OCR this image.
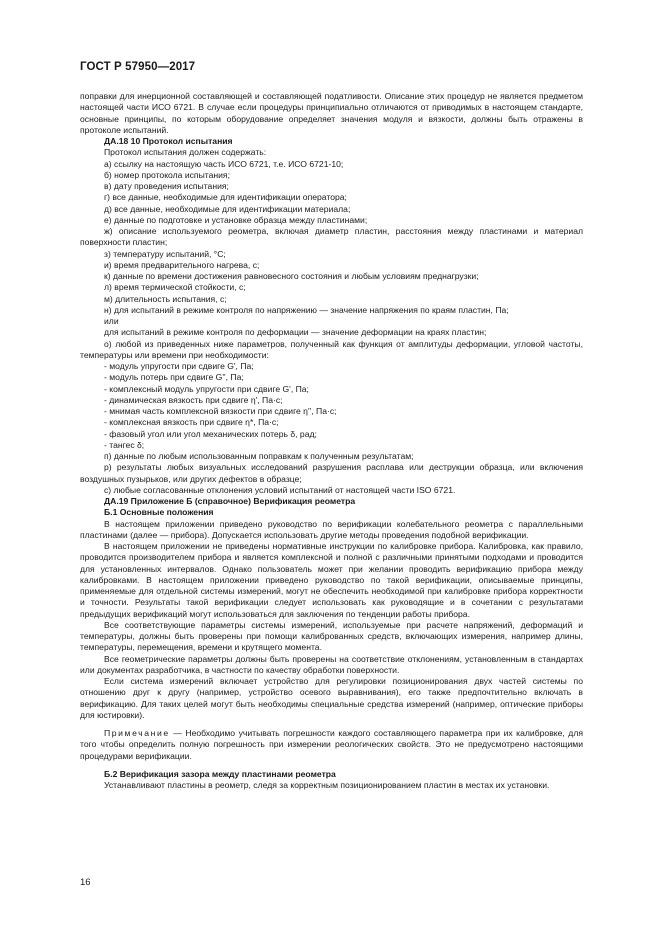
ГОСТ Р 57950—2017

поправки для инерционной составляющей и составляющей податливости. Описание этих процедур не является предметом настоящей части ИСО 6721. В случае если процедуры принципиально отличаются от приводимых в настоящем стандарте, основные принципы, по которым оборудование определяет значения модуля и вязкости, должны быть отражены в протоколе испытаний.

ДА.18 10 Протокол испытания

Протокол испытания должен содержать:

а) ссылку на настоящую часть ИСО 6721, т.е. ИСО 6721-10;

б) номер протокола испытания;

в) дату проведения испытания;

г) все данные, необходимые для идентификации оператора;

д) все данные, необходимые для идентификации материала;

е) данные по подготовке и установке образца между пластинами;

ж) описание используемого реометра, включая диаметр пластин, расстояния между пластинами и материал поверхности пластин;

з) температуру испытаний, °С;

и) время предварительного нагрева, с;

к) данные по времени достижения равновесного состояния и любым условиям преднагрузки;

л) время термической стойкости, с;

м) длительность испытания, с;

н) для испытаний в режиме контроля по напряжению — значение напряжения по краям пластин, Па;

или

для испытаний в режиме контроля по деформации — значение деформации на краях пластин;

о) любой из приведенных ниже параметров, полученный как функция от амплитуды деформации, угловой частоты, температуры или времени при необходимости:

- модуль упругости при сдвиге G', Па;

- модуль потерь при сдвиге G'', Па;

- комплексный модуль упругости при сдвиге G', Па;

- динамическая вязкость при сдвиге η', Па·с;

- мнимая часть комплексной вязкости при сдвиге η'', Па·с;

- комплексная вязкость при сдвиге η*, Па·с;

- фазовый угол или угол механических потерь δ, рад;

- тангес δ;

п) данные по любым использованным поправкам к полученным результатам;

р) результаты любых визуальных исследований разрушения расплава или деструкции образца, или включения воздушных пузырьков, или других дефектов в образце;

с) любые согласованные отклонения условий испытаний от настоящей части ISO 6721.

ДА.19 Приложение Б (справочное) Верификация реометра

Б.1 Основные положения

В настоящем приложении приведено руководство по верификации колебательного реометра с параллельными пластинами (далее — прибора). Допускается использовать другие методы проведения подобной верификации.

В настоящем приложении не приведены нормативные инструкции по калибровке прибора. Калибровка, как правило, проводится производителем прибора и является комплексной и полной с различными принятыми подходами и проводится для установленных интервалов. Однако пользователь может при желании проводить верификацию прибора между калибровками. В настоящем приложении приведено руководство по такой верификации, описываемые принципы, применяемые для отдельной системы измерений, могут не обеспечить необходимой при калибровке прибора корректности и точности. Результаты такой верификации следует использовать как руководящие и в сочетании с результатами предыдущих верификаций могут использоваться для заключения по тенденции работы прибора.

Все соответствующие параметры системы измерений, используемые при расчете напряжений, деформаций и температуры, должны быть проверены при помощи калиброванных средств, включающих измерения, например длины, температуры, перемещения, времени и крутящего момента.

Все геометрические параметры должны быть проверены на соответствие отклонениям, установленным в стандартах или документах разработчика, в частности по качеству обработки поверхности.

Если система измерений включает устройство для регулировки позиционирования двух частей системы по отношению друг к другу (например, устройство осевого выравнивания), его также предпочтительно включать в верификацию. Для таких целей могут быть необходимы специальные средства измерений (например, оптические приборы для юстировки).

Примечание — Необходимо учитывать погрешности каждого составляющего параметра при их калибровке, для того чтобы определить полную погрешность при измерении реологических свойств. Это не предусмотрено настоящими процедурами верификации.

Б.2 Верификация зазора между пластинами реометра

Устанавливают пластины в реометр, следя за корректным позиционированием пластин в местах их установки.

16
